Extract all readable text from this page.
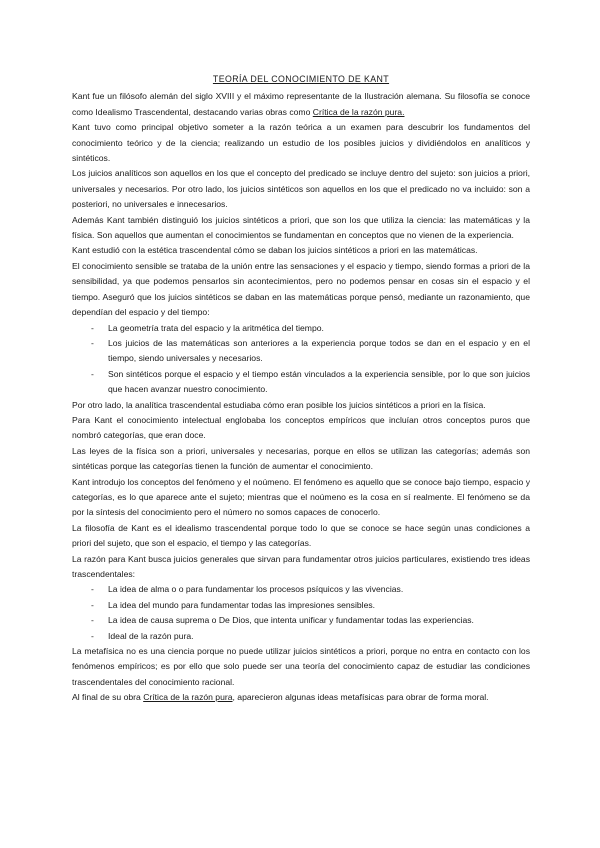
TEORÍA DEL CONOCIMIENTO DE KANT

Kant fue un filósofo alemán del siglo XVIII y el máximo representante de la Ilustración alemana. Su filosofía se conoce como Idealismo Trascendental, destacando varias obras como Crítica de la razón pura.

Kant tuvo como principal objetivo someter a la razón teórica a un examen para descubrir los fundamentos del conocimiento teórico y de la ciencia; realizando un estudio de los posibles juicios y dividiéndolos en analíticos y sintéticos.

Los juicios analíticos son aquellos en los que el concepto del predicado se incluye dentro del sujeto: son juicios a priori, universales y necesarios. Por otro lado, los juicios sintéticos son aquellos en los que el predicado no va incluido: son a posteriori, no universales e innecesarios.

Además Kant también distinguió los juicios sintéticos a priori, que son los que utiliza la ciencia: las matemáticas y la física. Son aquellos que aumentan el conocimientos se fundamentan en conceptos que no vienen de la experiencia.

Kant estudió con la estética trascendental cómo se daban los juicios sintéticos a priori en las matemáticas.

El conocimiento sensible se trataba de la unión entre las sensaciones y el espacio y tiempo, siendo formas a priori de la sensibilidad, ya que podemos pensarlos sin acontecimientos, pero no podemos pensar en cosas sin el espacio y el tiempo. Aseguró que los juicios sintéticos se daban en las matemáticas porque pensó, mediante un razonamiento, que dependían del espacio y del tiempo:

- La geometría trata del espacio y la aritmética del tiempo.
- Los juicios de las matemáticas son anteriores a la experiencia porque todos se dan en el espacio y en el tiempo, siendo universales y necesarios.
- Son sintéticos porque el espacio y el tiempo están vinculados a la experiencia sensible, por lo que son juicios que hacen avanzar nuestro conocimiento.

Por otro lado, la analítica trascendental estudiaba cómo eran posible los juicios sintéticos a priori en la física.

Para Kant el conocimiento intelectual englobaba los conceptos empíricos que incluían otros conceptos puros que nombró categorías, que eran doce.

Las leyes de la física son a priori, universales y necesarias, porque en ellos se utilizan las categorías; además son sintéticas porque las categorías tienen la función de aumentar el conocimiento.

Kant introdujo los conceptos del fenómeno y el noúmeno. El fenómeno es aquello que se conoce bajo tiempo, espacio y categorías, es lo que aparece ante el sujeto; mientras que el noúmeno es la cosa en sí realmente. El fenómeno se da por la síntesis del conocimiento pero el número no somos capaces de conocerlo.

La filosofía de Kant es el idealismo trascendental porque todo lo que se conoce se hace según unas condiciones a priori del sujeto, que son el espacio, el tiempo y las categorías.

La razón para Kant busca juicios generales que sirvan para fundamentar otros juicios particulares, existiendo tres ideas trascendentales:

- La idea de alma o o para fundamentar los procesos psíquicos y las vivencias.
- La idea del mundo para fundamentar todas las impresiones sensibles.
- La idea de causa suprema o De Dios, que intenta unificar y fundamentar todas las experiencias.
- Ideal de la razón pura.

La metafísica no es una ciencia porque no puede utilizar juicios sintéticos a priori, porque no entra en contacto con los fenómenos empíricos; es por ello que solo puede ser una teoría del conocimiento capaz de estudiar las condiciones trascendentales del conocimiento racional.

Al final de su obra Crítica de la razón pura, aparecieron algunas ideas metafísicas para obrar de forma moral.
